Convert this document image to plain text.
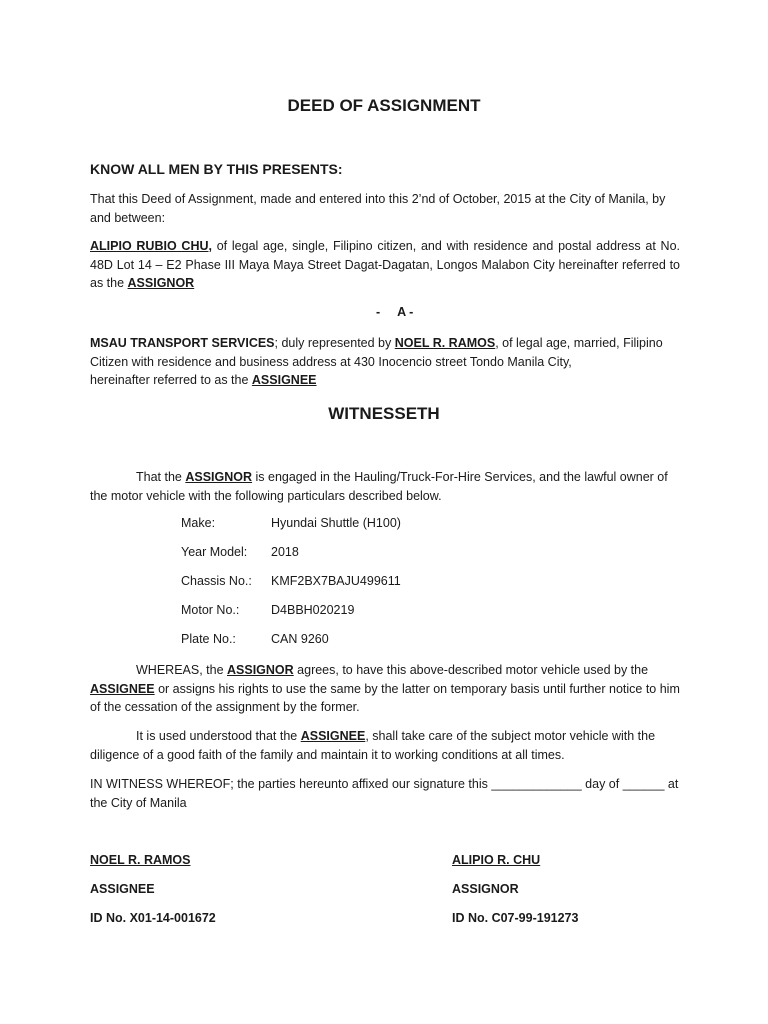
DEED OF ASSIGNMENT
KNOW ALL MEN BY THIS PRESENTS:
That this Deed of Assignment, made and entered into this 2’nd of October, 2015 at the City of Manila, by and between:
ALIPIO RUBIO CHU, of legal age, single, Filipino citizen, and with residence and postal address at No. 48D Lot 14 – E2 Phase III Maya Maya Street Dagat-Dagatan, Longos Malabon City hereinafter referred to as the ASSIGNOR
-     A -
MSAU TRANSPORT SERVICES; duly represented by NOEL R. RAMOS, of legal age, married, Filipino Citizen with residence and business address at 430 Inocencio street Tondo Manila City,
hereinafter referred to as the ASSIGNEE
WITNESSETH
That the ASSIGNOR is engaged in the Hauling/Truck-For-Hire Services, and the lawful owner of the motor vehicle with the following particulars described below.
Make:	Hyundai Shuttle (H100)
Year Model: 2018
Chassis No.: KMF2BX7BAJU499611
Motor No.:	D4BBH020219
Plate No.:	CAN 9260
WHEREAS, the ASSIGNOR agrees, to have this above-described motor vehicle used by the ASSIGNEE or assigns his rights to use the same by the latter on temporary basis until further notice to him of the cessation of the assignment by the former.
It is used understood that the ASSIGNEE, shall take care of the subject motor vehicle with the diligence of a good faith of the family and maintain it to working conditions at all times.
IN WITNESS WHEREOF; the parties hereunto affixed our signature this _____________ day of ______ at the City of Manila
NOEL R. RAMOS
ASSIGNEE
ID No. X01-14-001672
ALIPIO R. CHU
ASSIGNOR
ID No. C07-99-191273
